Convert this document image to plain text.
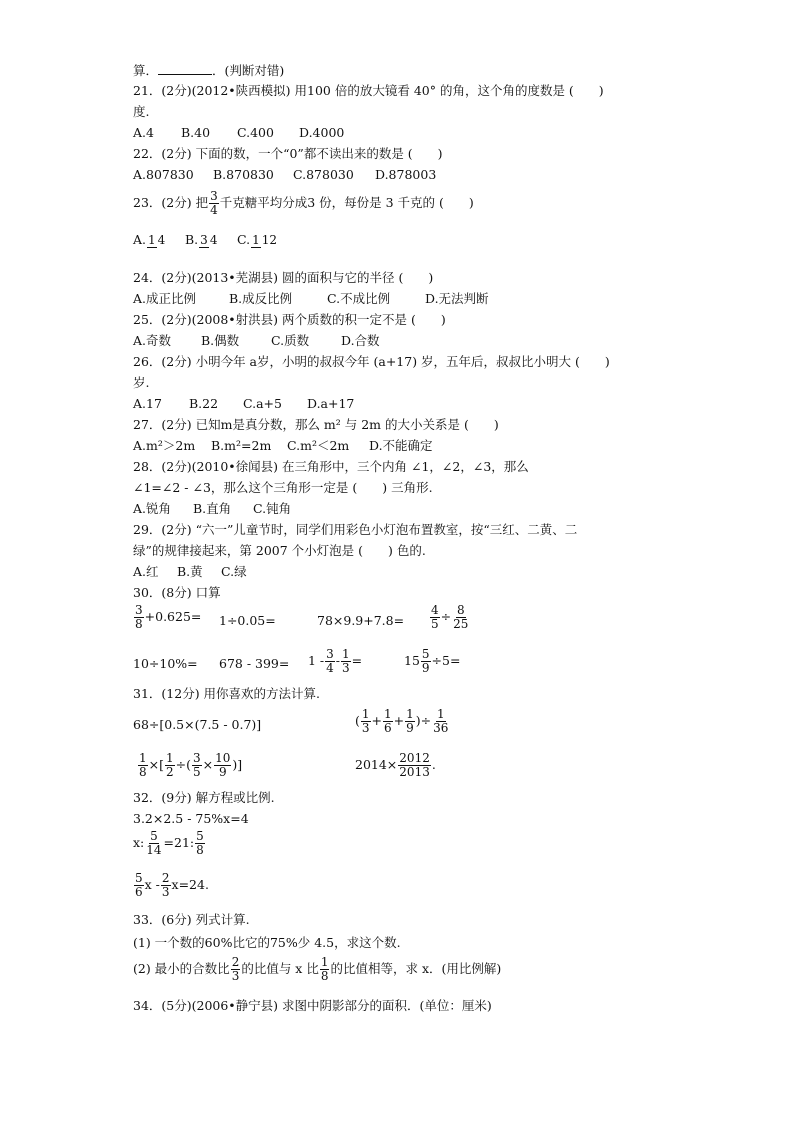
算．	．(判断对错)
21．(2分)(2012•陕西模拟) 用100 倍的放大镜看 40° 的角，这个角的度数是 (　　)
度.
A.4 B.40 C.400 D.4000
22．(2分) 下面的数，一个“0”都不读出来的数是 (　　)
A.807830 B.870830 C.878030 D.878003
23．(2分) 把 $\frac{3}{4}$ 千克糖平均分成3 份，每份是 3 千克的 (　　)
A. 1 4 B. 3 4 C. 1 12
24．(2分)(2013•芜湖县) 圆的面积与它的半径 (　　)
A.成正比例	B.成反比例	C.不成比例	D.无法判断
25．(2分)(2008•射洪县) 两个质数的积一定不是 (　　)
A.奇数 B.偶数	C.质数	D.合数
26．(2分) 小明今年 a岁，小明的叔叔今年 (a+17) 岁，五年后，叔叔比小明大 (　　)
岁.
A.17 B.22 C.a+5 D.a+17
27．(2分) 已知m是真分数，那么 m² 与 2m 的大小关系是 (　　)
A.m²＞2m B.m²=2m C.m²＜2m D.不能确定
28．(2分)(2010•徐闻县) 在三角形中，三个内角 ∠1，∠2，∠3，那么
∠1=∠2 - ∠3，那么这个三角形一定是 (　　) 三角形.
A.锐角 B.直角 C.钝角
29．(2分) “六一”儿童节时，同学们用彩色小灯泡布置教室，按“三红、二黄、二
绿”的规律接起来，第 2007 个小灯泡是 (　　) 色的.
A.红 B.黄 C.绿
30．(8分) 口算
$\frac{3}{8} +0.625= 1\div 0.05=$	$78\times 9.9+7.8= \frac{4}{5} \div \frac{8}{25}$
$10\div 10\%= 678 - 399= 1 - \frac{3}{4} - \frac{1}{3}$ =	$15 \frac{5}{9} \div 5=$
31．(12分) 用你喜欢的方法计算.
68÷[0.5×(7.5 - 0.7)]	( $\frac{1}{3} + \frac{1}{6} + \frac{1}{9}$ )÷ $\frac{1}{36}$
$\frac{1}{8}$ ×[ $\frac{1}{2}$ ÷( $\frac{3}{5} \times \frac{10}{9}$ )]	$2014\times \frac{2012}{2013}$ .
32．(9分) 解方程或比例.
3.2×2.5 - 75%x=4
x: $\frac{5}{14} =21$: $\frac{5}{8}$
$\frac{5}{6}$ $x - \frac{2}{3} x=24$.
33．(6分) 列式计算.
(1) 一个数的60%比它的75%少 4.5，求这个数.
(2) 最小的合数比 $\frac{2}{3}$ 的比值与 x 比 $\frac{1}{8}$ 的比值相等，求 x．(用比例解)
34．(5分)(2006•静宁县) 求图中阴影部分的面积．(单位：厘米)
